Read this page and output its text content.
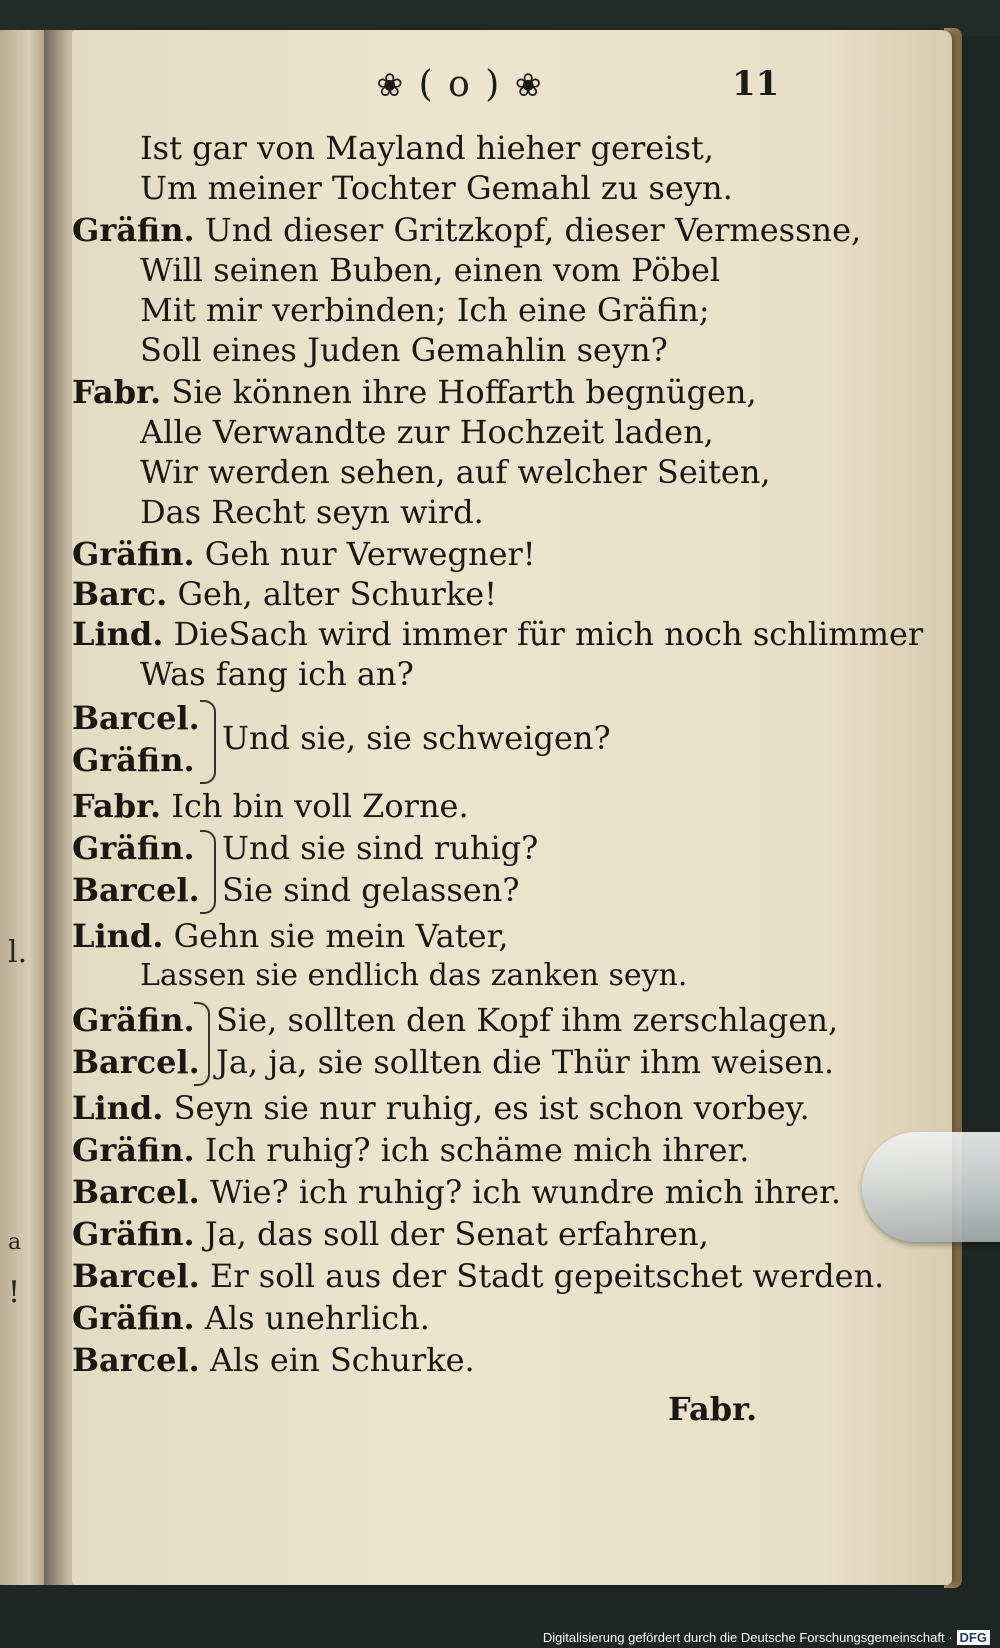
l.
a
!
❀ ( o ) ❀	11
Ist gar von Mayland hieher gereist,
Um meiner Tochter Gemahl zu seyn.
Gräfin. Und dieser Gritzkopf, dieser Vermessne,
Will seinen Buben, einen vom Pöbel
Mit mir verbinden; Ich eine Gräfin;
Soll eines Juden Gemahlin seyn?
Fabr. Sie können ihre Hoffarth begnügen,
Alle Verwandte zur Hochzeit laden,
Wir werden sehen, auf welcher Seiten,
Das Recht seyn wird.
Gräfin. Geh nur Verwegner!
Barc. Geh, alter Schurke!
Lind. DieSach wird immer für mich noch schlimmer
Was fang ich an?
Barcel.
Gräfin.
Und sie, sie schweigen?
Fabr. Ich bin voll Zorne.
Gräfin.
Barcel.
Und sie sind ruhig?
Sie sind gelassen?
Lind. Gehn sie mein Vater,
Lassen sie endlich das zanken seyn.
Gräfin.
Barcel.
Sie, sollten den Kopf ihm zerschlagen,
Ja, ja, sie sollten die Thür ihm weisen.
Lind. Seyn sie nur ruhig, es ist schon vorbey.
Gräfin. Ich ruhig? ich schäme mich ihrer.
Barcel. Wie? ich ruhig? ich wundre mich ihrer.
Gräfin. Ja, das soll der Senat erfahren,
Barcel. Er soll aus der Stadt gepeitschet werden.
Gräfin. Als unehrlich.
Barcel. Als ein Schurke.
Fabr.
Digitalisierung gefördert durch die Deutsche Forschungsgemeinschaft · DFG
